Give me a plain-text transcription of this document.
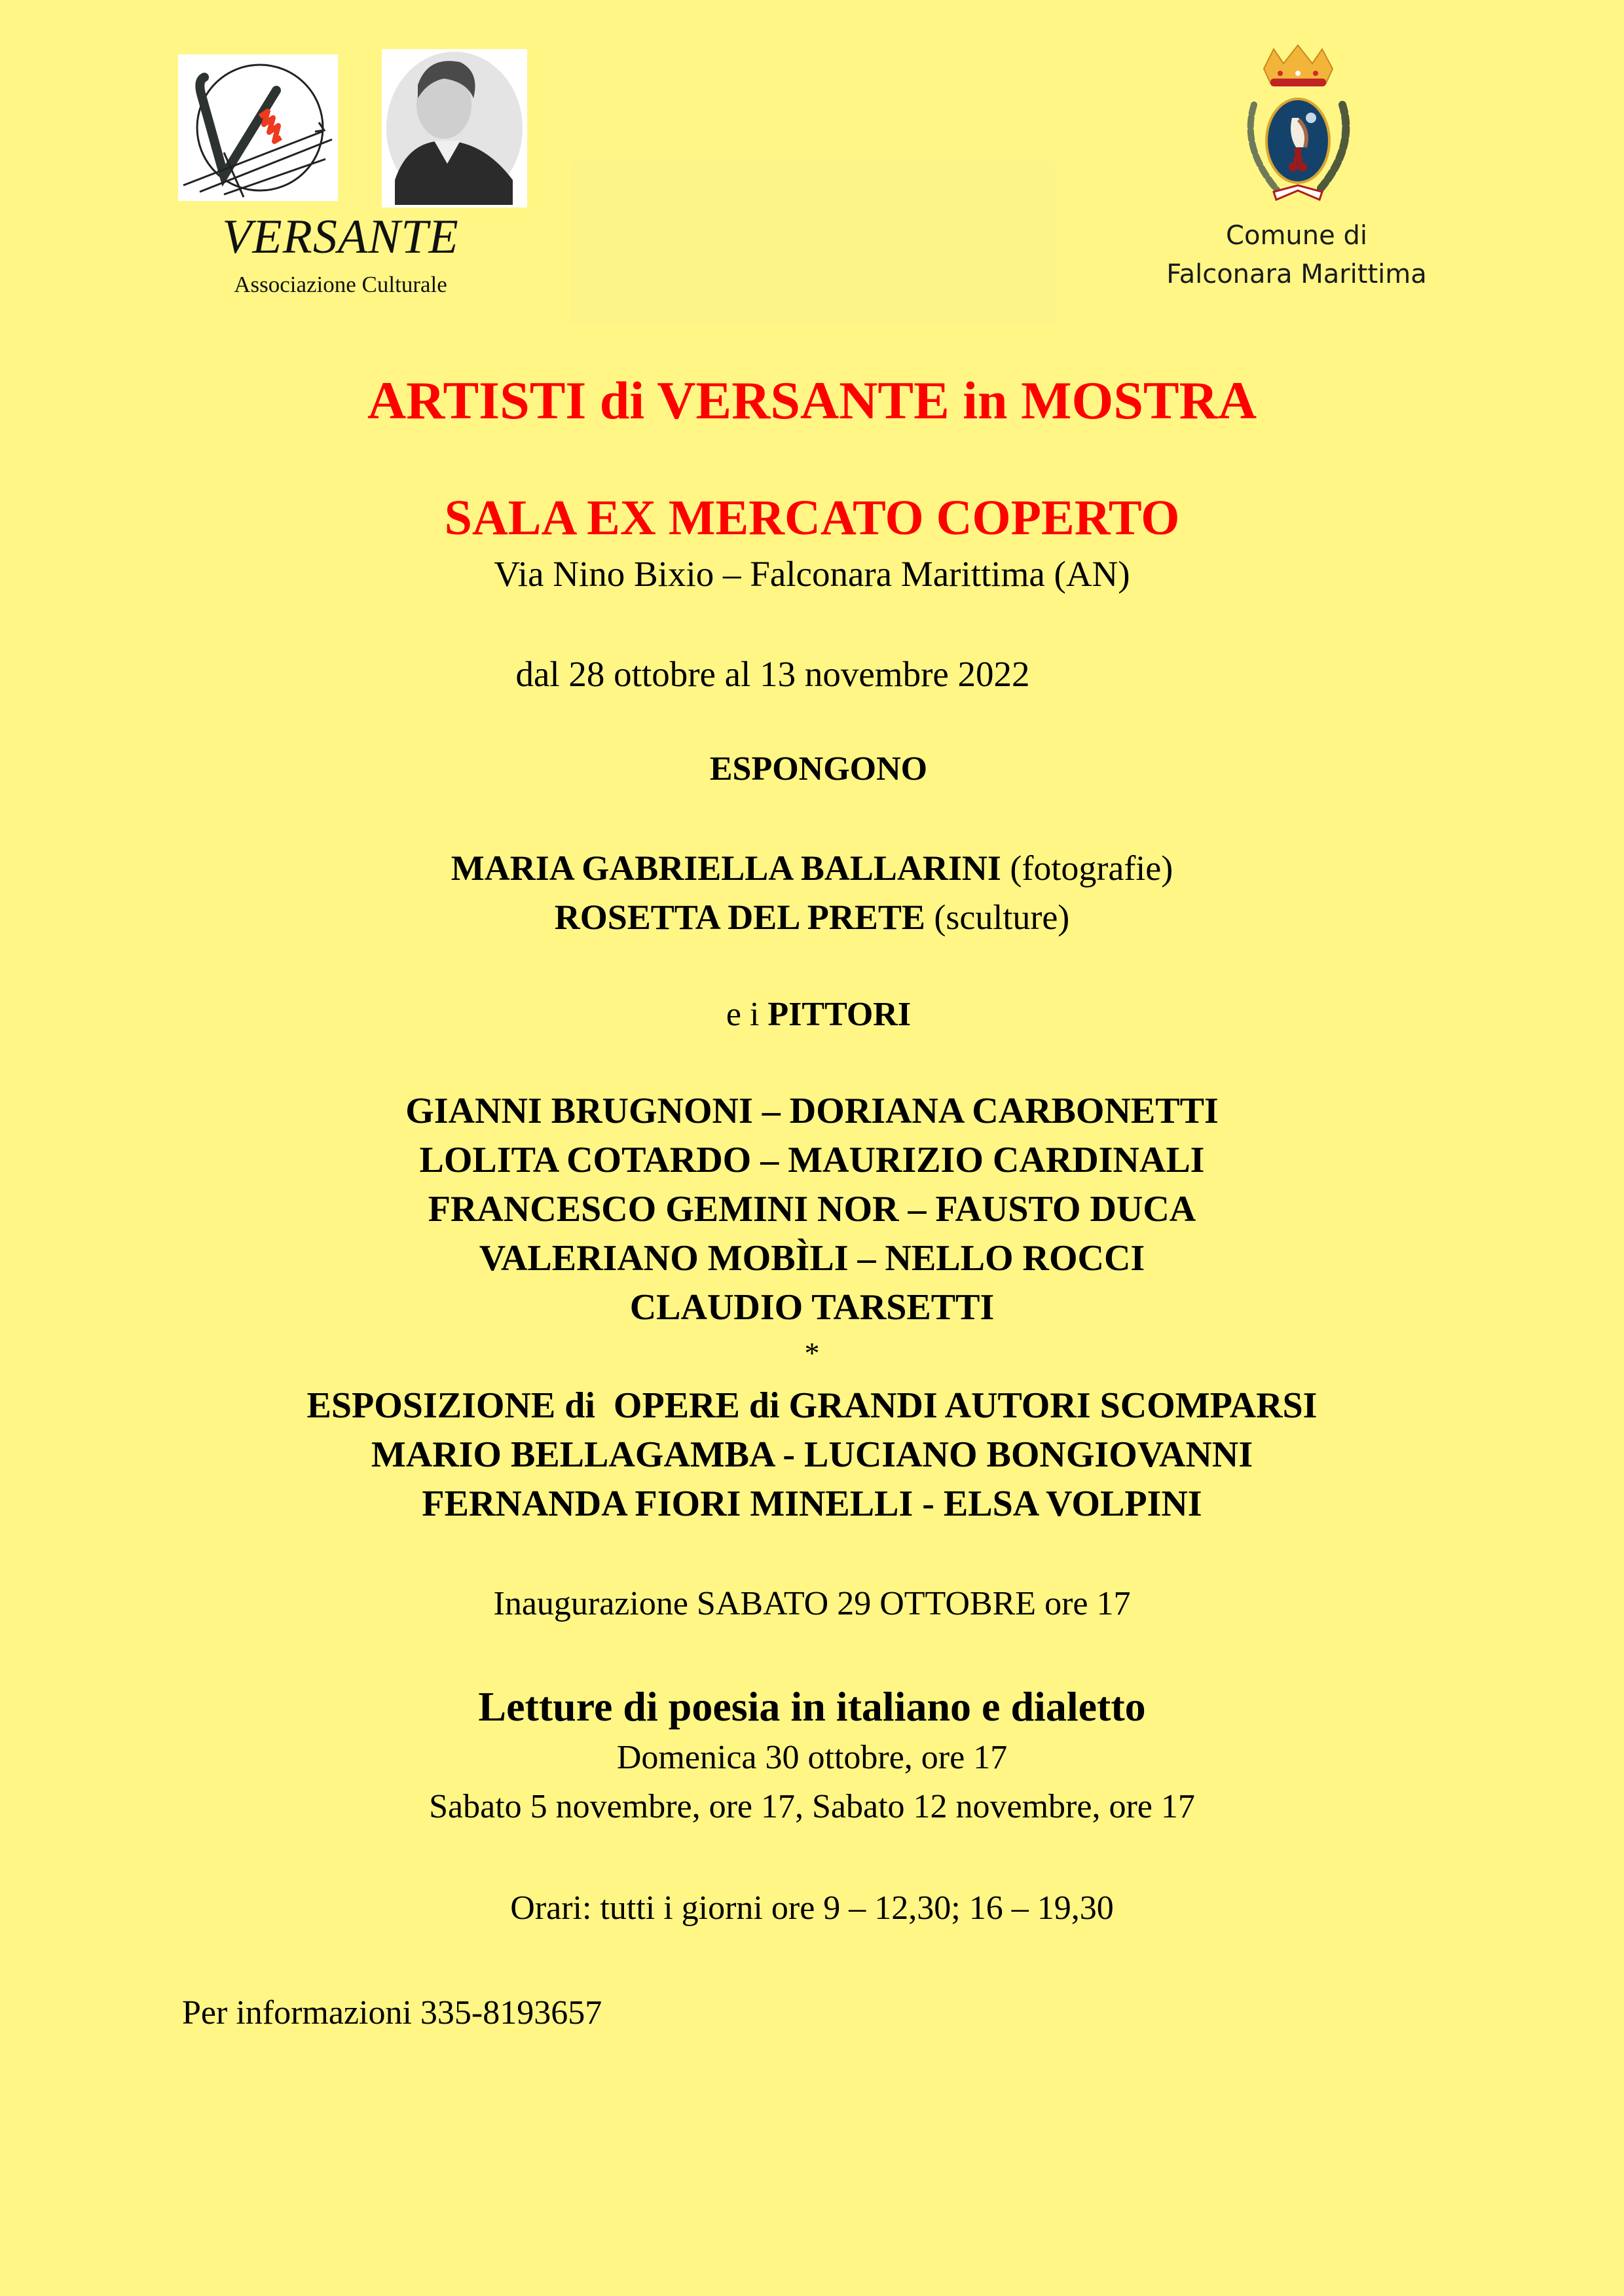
VERSANTE
Associazione Culturale
Comune di
Falconara Marittima
ARTISTI di VERSANTE in MOSTRA
SALA EX MERCATO COPERTO
Via Nino Bixio – Falconara Marittima (AN)
dal 28 ottobre al 13 novembre 2022
ESPONGONO
MARIA GABRIELLA BALLARINI (fotografie)
ROSETTA DEL PRETE (sculture)
e i PITTORI
GIANNI BRUGNONI – DORIANA CARBONETTI
LOLITA COTARDO – MAURIZIO CARDINALI
FRANCESCO GEMINI NOR – FAUSTO DUCA
VALERIANO MOBÌLI – NELLO ROCCI
CLAUDIO TARSETTI
*
ESPOSIZIONE di  OPERE di GRANDI AUTORI SCOMPARSI
MARIO BELLAGAMBA - LUCIANO BONGIOVANNI
FERNANDA FIORI MINELLI - ELSA VOLPINI
Inaugurazione SABATO 29 OTTOBRE ore 17
Letture di poesia in italiano e dialetto
Domenica 30 ottobre, ore 17
Sabato 5 novembre, ore 17, Sabato 12 novembre, ore 17
Orari: tutti i giorni ore 9 – 12,30; 16 – 19,30
Per informazioni 335-8193657
